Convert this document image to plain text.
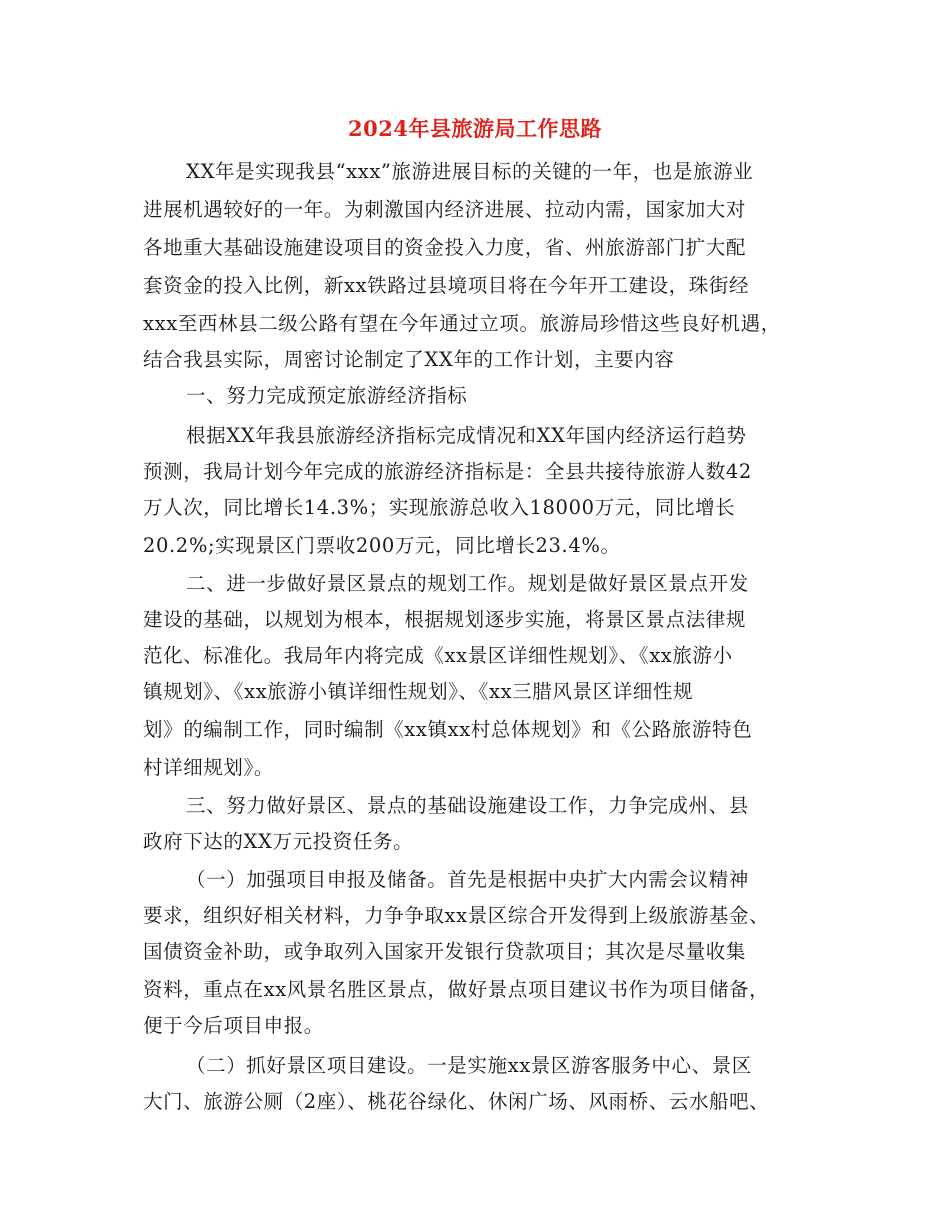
2024年县旅游局工作思路
XX年是实现我县“xxx”旅游进展目标的关键的一年，也是旅游业
进展机遇较好的一年。为刺激国内经济进展、拉动内需，国家加大对
各地重大基础设施建设项目的资金投入力度，省、州旅游部门扩大配
套资金的投入比例，新xx铁路过县境项目将在今年开工建设，珠街经
xxx至西林县二级公路有望在今年通过立项。旅游局珍惜这些良好机遇，
结合我县实际，周密讨论制定了XX年的工作计划，主要内容
一、努力完成预定旅游经济指标
根据XX年我县旅游经济指标完成情况和XX年国内经济运行趋势
预测，我局计划今年完成的旅游经济指标是：全县共接待旅游人数42
万人次，同比增长14.3%；实现旅游总收入18000万元，同比增长
20.2%;实现景区门票收200万元，同比增长23.4%。
二、进一步做好景区景点的规划工作。规划是做好景区景点开发
建设的基础，以规划为根本，根据规划逐步实施，将景区景点法律规
范化、标准化。我局年内将完成《xx景区详细性规划》、《xx旅游小
镇规划》、《xx旅游小镇详细性规划》、《xx三腊风景区详细性规
划》的编制工作，同时编制《xx镇xx村总体规划》和《公路旅游特色
村详细规划》。
三、努力做好景区、景点的基础设施建设工作，力争完成州、县
政府下达的XX万元投资任务。
（一）加强项目申报及储备。首先是根据中央扩大内需会议精神
要求，组织好相关材料，力争争取xx景区综合开发得到上级旅游基金、
国债资金补助，或争取列入国家开发银行贷款项目；其次是尽量收集
资料，重点在xx风景名胜区景点，做好景点项目建议书作为项目储备，
便于今后项目申报。
（二）抓好景区项目建设。一是实施xx景区游客服务中心、景区
大门、旅游公厕（2座）、桃花谷绿化、休闲广场、风雨桥、云水船吧、
